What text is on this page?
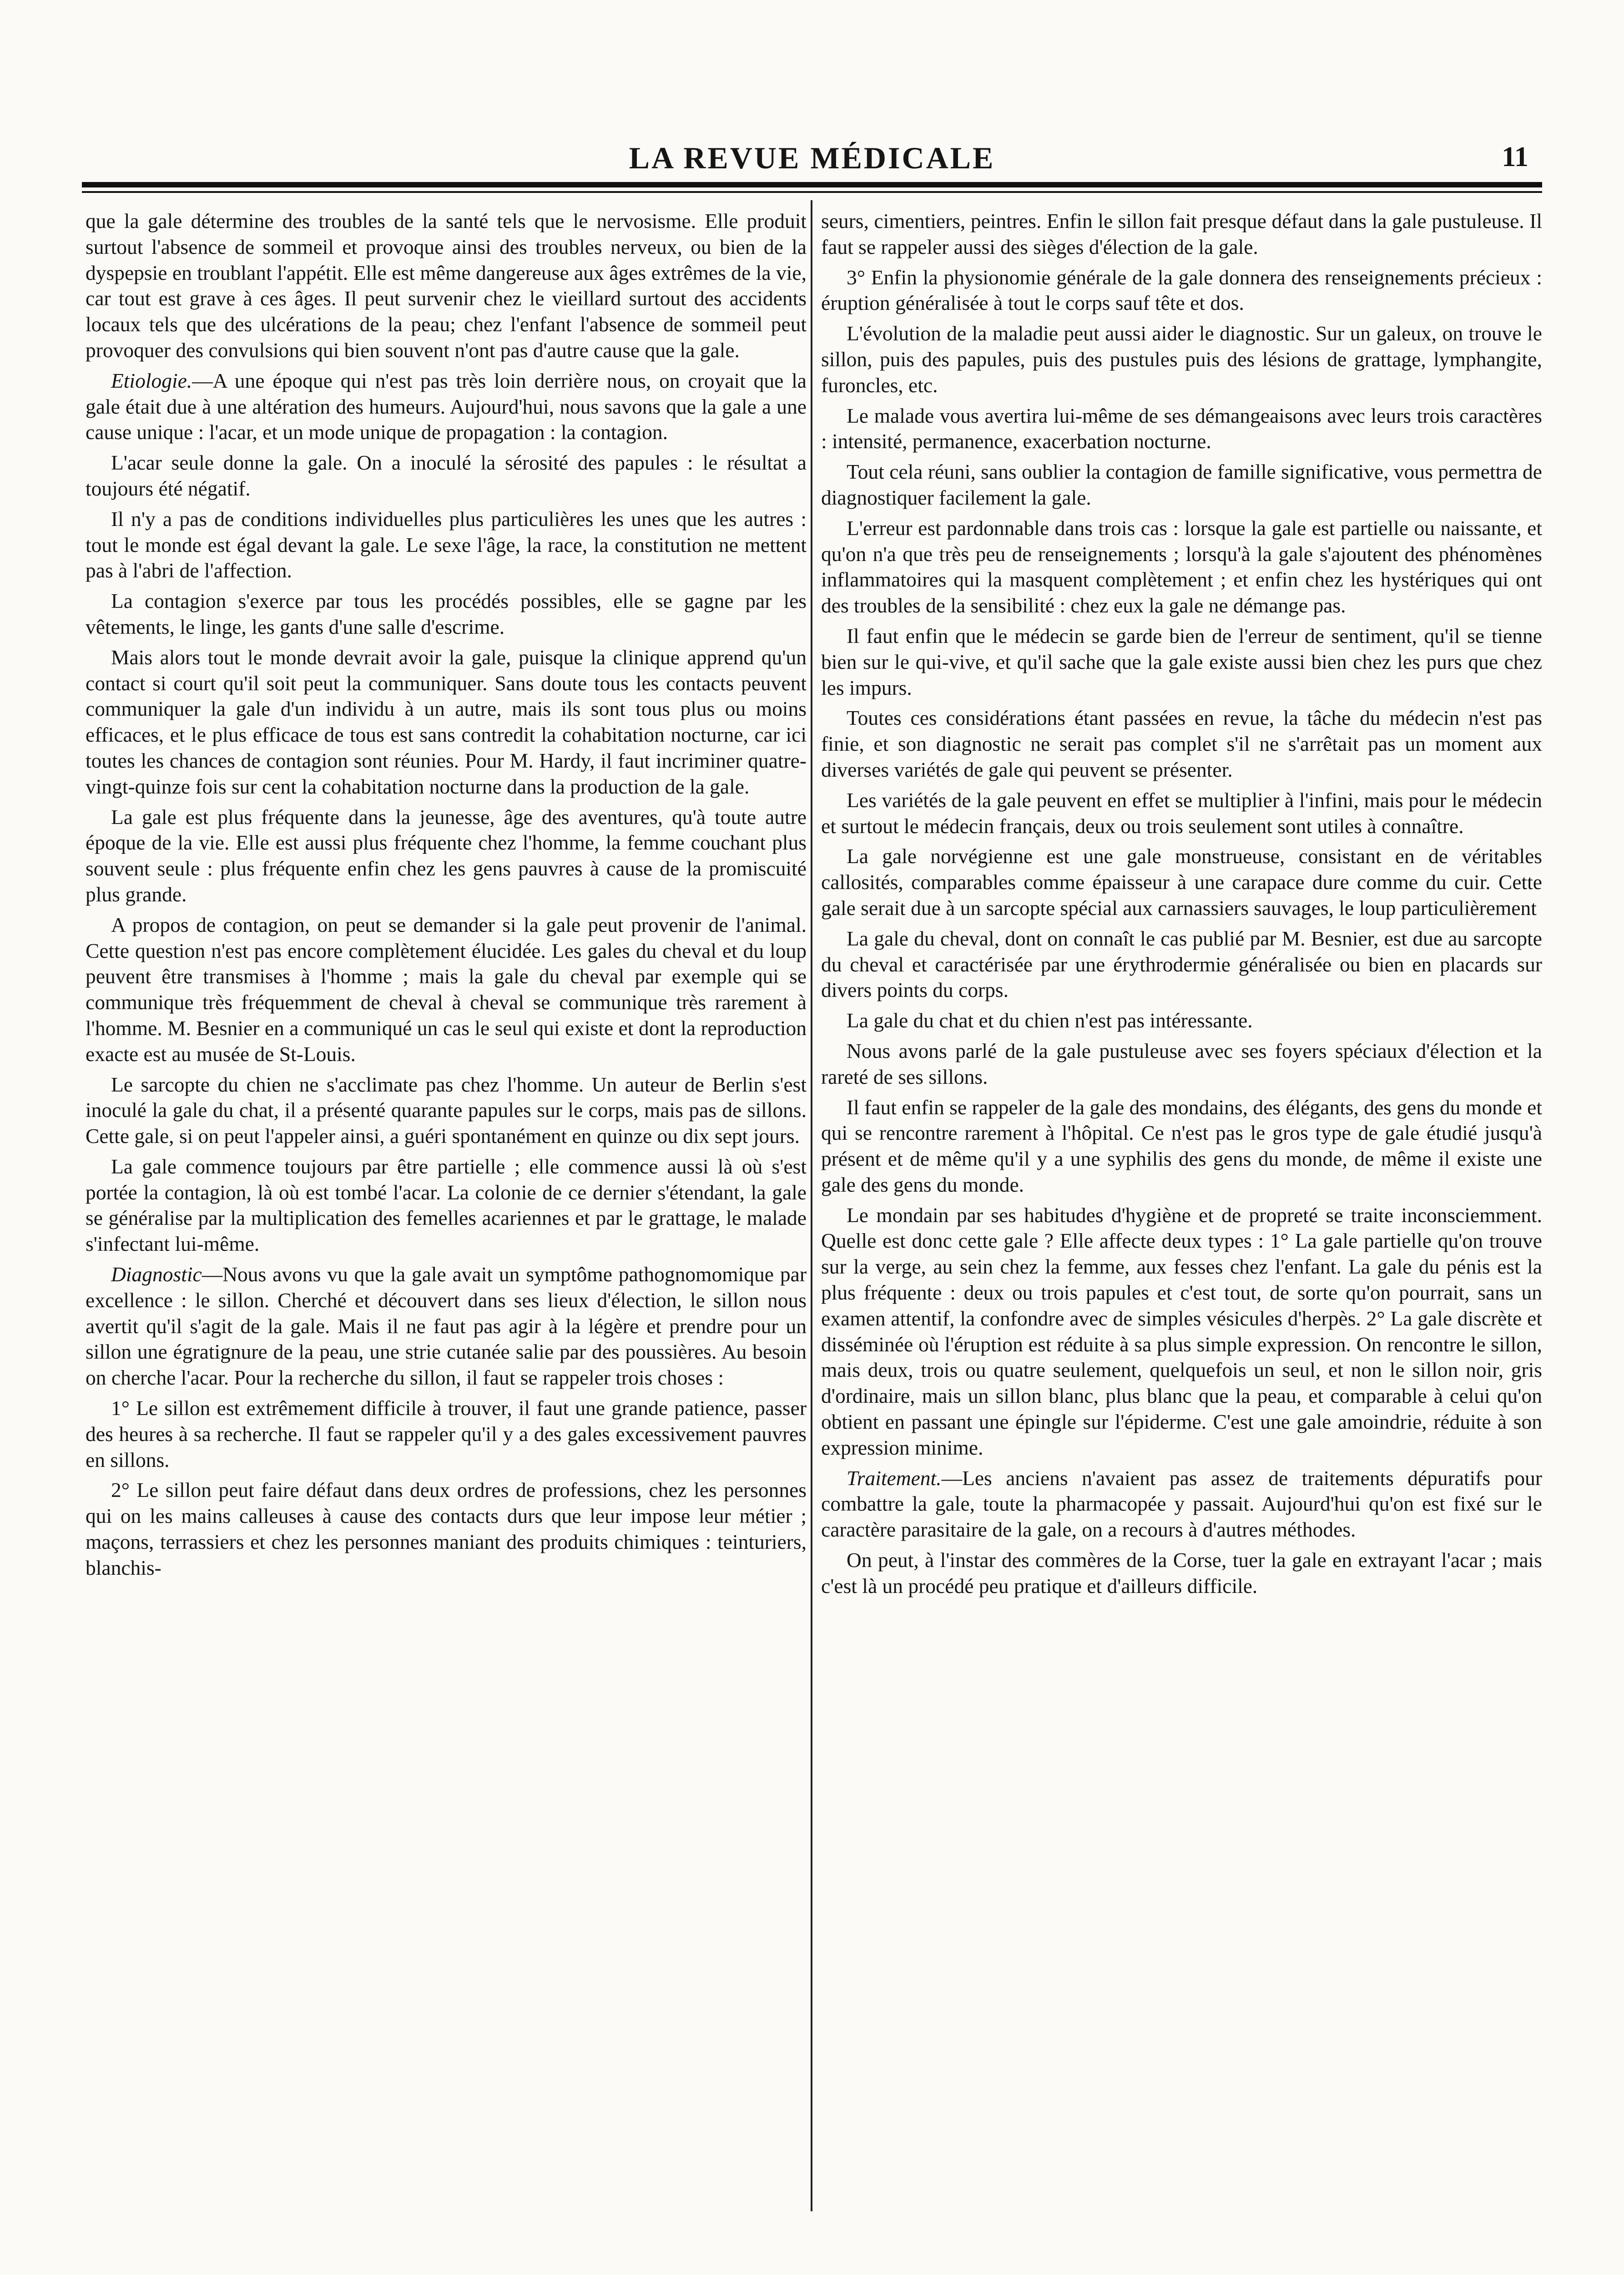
LA REVUE MÉDICALE	11

que la gale détermine des troubles de la santé tels que le nervosisme. Elle produit surtout l'absence de sommeil et provoque ainsi des troubles nerveux, ou bien de la dyspepsie en troublant l'appétit. Elle est même dangereuse aux âges extrêmes de la vie, car tout est grave à ces âges. Il peut survenir chez le vieillard surtout des accidents locaux tels que des ulcérations de la peau; chez l'enfant l'absence de sommeil peut provoquer des convulsions qui bien souvent n'ont pas d'autre cause que la gale.

Etiologie.—A une époque qui n'est pas très loin derrière nous, on croyait que la gale était due à une altération des humeurs. Aujourd'hui, nous savons que la gale a une cause unique : l'acar, et un mode unique de propagation : la contagion.

L'acar seule donne la gale. On a inoculé la sérosité des papules : le résultat a toujours été négatif.

Il n'y a pas de conditions individuelles plus particulières les unes que les autres : tout le monde est égal devant la gale. Le sexe l'âge, la race, la constitution ne mettent pas à l'abri de l'affection.

La contagion s'exerce par tous les procédés possibles, elle se gagne par les vêtements, le linge, les gants d'une salle d'escrime.

Mais alors tout le monde devrait avoir la gale, puisque la clinique apprend qu'un contact si court qu'il soit peut la communiquer. Sans doute tous les contacts peuvent communiquer la gale d'un individu à un autre, mais ils sont tous plus ou moins efficaces, et le plus efficace de tous est sans contredit la cohabitation nocturne, car ici toutes les chances de contagion sont réunies. Pour M. Hardy, il faut incriminer quatre-vingt-quinze fois sur cent la cohabitation nocturne dans la production de la gale.

La gale est plus fréquente dans la jeunesse, âge des aventures, qu'à toute autre époque de la vie. Elle est aussi plus fréquente chez l'homme, la femme couchant plus souvent seule : plus fréquente enfin chez les gens pauvres à cause de la promiscuité plus grande.

A propos de contagion, on peut se demander si la gale peut provenir de l'animal. Cette question n'est pas encore complètement élucidée. Les gales du cheval et du loup peuvent être transmises à l'homme ; mais la gale du cheval par exemple qui se communique très fréquemment de cheval à cheval se communique très rarement à l'homme. M. Besnier en a communiqué un cas le seul qui existe et dont la reproduction exacte est au musée de St-Louis.

Le sarcopte du chien ne s'acclimate pas chez l'homme. Un auteur de Berlin s'est inoculé la gale du chat, il a présenté quarante papules sur le corps, mais pas de sillons. Cette gale, si on peut l'appeler ainsi, a guéri spontanément en quinze ou dix sept jours.

La gale commence toujours par être partielle ; elle commence aussi là où s'est portée la contagion, là où est tombé l'acar. La colonie de ce dernier s'étendant, la gale se généralise par la multiplication des femelles acariennes et par le grattage, le malade s'infectant lui-même.

Diagnostic—Nous avons vu que la gale avait un symptôme pathognomomique par excellence : le sillon. Cherché et découvert dans ses lieux d'élection, le sillon nous avertit qu'il s'agit de la gale. Mais il ne faut pas agir à la légère et prendre pour un sillon une égratignure de la peau, une strie cutanée salie par des poussières. Au besoin on cherche l'acar. Pour la recherche du sillon, il faut se rappeler trois choses :

1° Le sillon est extrêmement difficile à trouver, il faut une grande patience, passer des heures à sa recherche. Il faut se rappeler qu'il y a des gales excessivement pauvres en sillons.

2° Le sillon peut faire défaut dans deux ordres de professions, chez les personnes qui on les mains calleuses à cause des contacts durs que leur impose leur métier ; maçons, terrassiers et chez les personnes maniant des produits chimiques : teinturiers, blanchis-

seurs, cimentiers, peintres. Enfin le sillon fait presque défaut dans la gale pustuleuse. Il faut se rappeler aussi des sièges d'élection de la gale.

3° Enfin la physionomie générale de la gale donnera des renseignements précieux : éruption généralisée à tout le corps sauf tête et dos.

L'évolution de la maladie peut aussi aider le diagnostic. Sur un galeux, on trouve le sillon, puis des papules, puis des pustules puis des lésions de grattage, lymphangite, furoncles, etc.

Le malade vous avertira lui-même de ses démangeaisons avec leurs trois caractères : intensité, permanence, exacerbation nocturne.

Tout cela réuni, sans oublier la contagion de famille significative, vous permettra de diagnostiquer facilement la gale.

L'erreur est pardonnable dans trois cas : lorsque la gale est partielle ou naissante, et qu'on n'a que très peu de renseignements ; lorsqu'à la gale s'ajoutent des phénomènes inflammatoires qui la masquent complètement ; et enfin chez les hystériques qui ont des troubles de la sensibilité : chez eux la gale ne démange pas.

Il faut enfin que le médecin se garde bien de l'erreur de sentiment, qu'il se tienne bien sur le qui-vive, et qu'il sache que la gale existe aussi bien chez les purs que chez les impurs.

Toutes ces considérations étant passées en revue, la tâche du médecin n'est pas finie, et son diagnostic ne serait pas complet s'il ne s'arrêtait pas un moment aux diverses variétés de gale qui peuvent se présenter.

Les variétés de la gale peuvent en effet se multiplier à l'infini, mais pour le médecin et surtout le médecin français, deux ou trois seulement sont utiles à connaître.

La gale norvégienne est une gale monstrueuse, consistant en de véritables callosités, comparables comme épaisseur à une carapace dure comme du cuir. Cette gale serait due à un sarcopte spécial aux carnassiers sauvages, le loup particulièrement

La gale du cheval, dont on connaît le cas publié par M. Besnier, est due au sarcopte du cheval et caractérisée par une érythrodermie généralisée ou bien en placards sur divers points du corps.

La gale du chat et du chien n'est pas intéressante.

Nous avons parlé de la gale pustuleuse avec ses foyers spéciaux d'élection et la rareté de ses sillons.

Il faut enfin se rappeler de la gale des mondains, des élégants, des gens du monde et qui se rencontre rarement à l'hôpital. Ce n'est pas le gros type de gale étudié jusqu'à présent et de même qu'il y a une syphilis des gens du monde, de même il existe une gale des gens du monde.

Le mondain par ses habitudes d'hygiène et de propreté se traite inconsciemment. Quelle est donc cette gale ? Elle affecte deux types : 1° La gale partielle qu'on trouve sur la verge, au sein chez la femme, aux fesses chez l'enfant. La gale du pénis est la plus fréquente : deux ou trois papules et c'est tout, de sorte qu'on pourrait, sans un examen attentif, la confondre avec de simples vésicules d'herpès. 2° La gale discrète et disséminée où l'éruption est réduite à sa plus simple expression. On rencontre le sillon, mais deux, trois ou quatre seulement, quelquefois un seul, et non le sillon noir, gris d'ordinaire, mais un sillon blanc, plus blanc que la peau, et comparable à celui qu'on obtient en passant une épingle sur l'épiderme. C'est une gale amoindrie, réduite à son expression minime.

Traitement.—Les anciens n'avaient pas assez de traitements dépuratifs pour combattre la gale, toute la pharmacopée y passait. Aujourd'hui qu'on est fixé sur le caractère parasitaire de la gale, on a recours à d'autres méthodes.

On peut, à l'instar des commères de la Corse, tuer la gale en extrayant l'acar ; mais c'est là un procédé peu pratique et d'ailleurs difficile.
